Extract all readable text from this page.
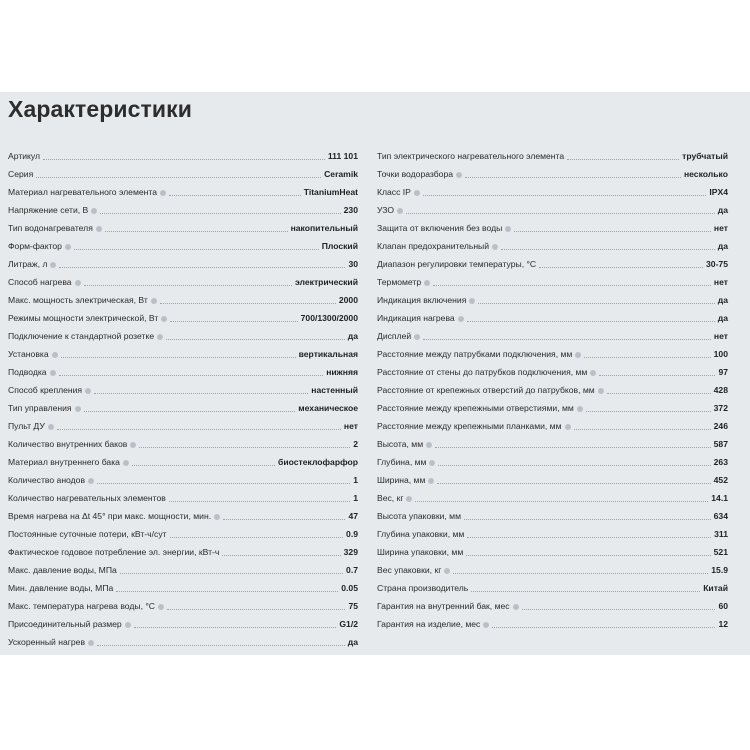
Характеристики
Артикул	111 101
Серия	Ceramik
Материал нагревательного элемента	TitaniumHeat
Напряжение сети, В	230
Тип водонагревателя	накопительный
Форм-фактор	Плоский
Литраж, л	30
Способ нагрева	электрический
Макс. мощность электрическая, Вт	2000
Режимы мощности электрической, Вт	700/1300/2000
Подключение к стандартной розетке	да
Установка	вертикальная
Подводка	нижняя
Способ крепления	настенный
Тип управления	механическое
Пульт ДУ	нет
Количество внутренних баков	2
Материал внутреннего бака	биостеклофарфор
Количество анодов	1
Количество нагревательных элементов	1
Время нагрева на Δt 45° при макс. мощности, мин.	47
Постоянные суточные потери, кВт-ч/сут	0.9
Фактическое годовое потребление эл. энергии, кВт-ч	329
Макс. давление воды, МПа	0.7
Мин. давление воды, МПа	0.05
Макс. температура нагрева воды, °С	75
Присоединительный размер	G1/2
Ускоренный нагрев	да
Тип электрического нагревательного элемента	трубчатый
Точки водоразбора	несколько
Класс IP	IPX4
УЗО	да
Защита от включения без воды	нет
Клапан предохранительный	да
Диапазон регулировки температуры, °С	30-75
Термометр	нет
Индикация включения	да
Индикация нагрева	да
Дисплей	нет
Расстояние между патрубками подключения, мм	100
Расстояние от стены до патрубков подключения, мм	97
Расстояние от крепежных отверстий до патрубков, мм	428
Расстояние между крепежными отверстиями, мм	372
Расстояние между крепежными планками, мм	246
Высота, мм	587
Глубина, мм	263
Ширина, мм	452
Вес, кг	14.1
Высота упаковки, мм	634
Глубина упаковки, мм	311
Ширина упаковки, мм	521
Вес упаковки, кг	15.9
Страна производитель	Китай
Гарантия на внутренний бак, мес	60
Гарантия на изделие, мес	12
